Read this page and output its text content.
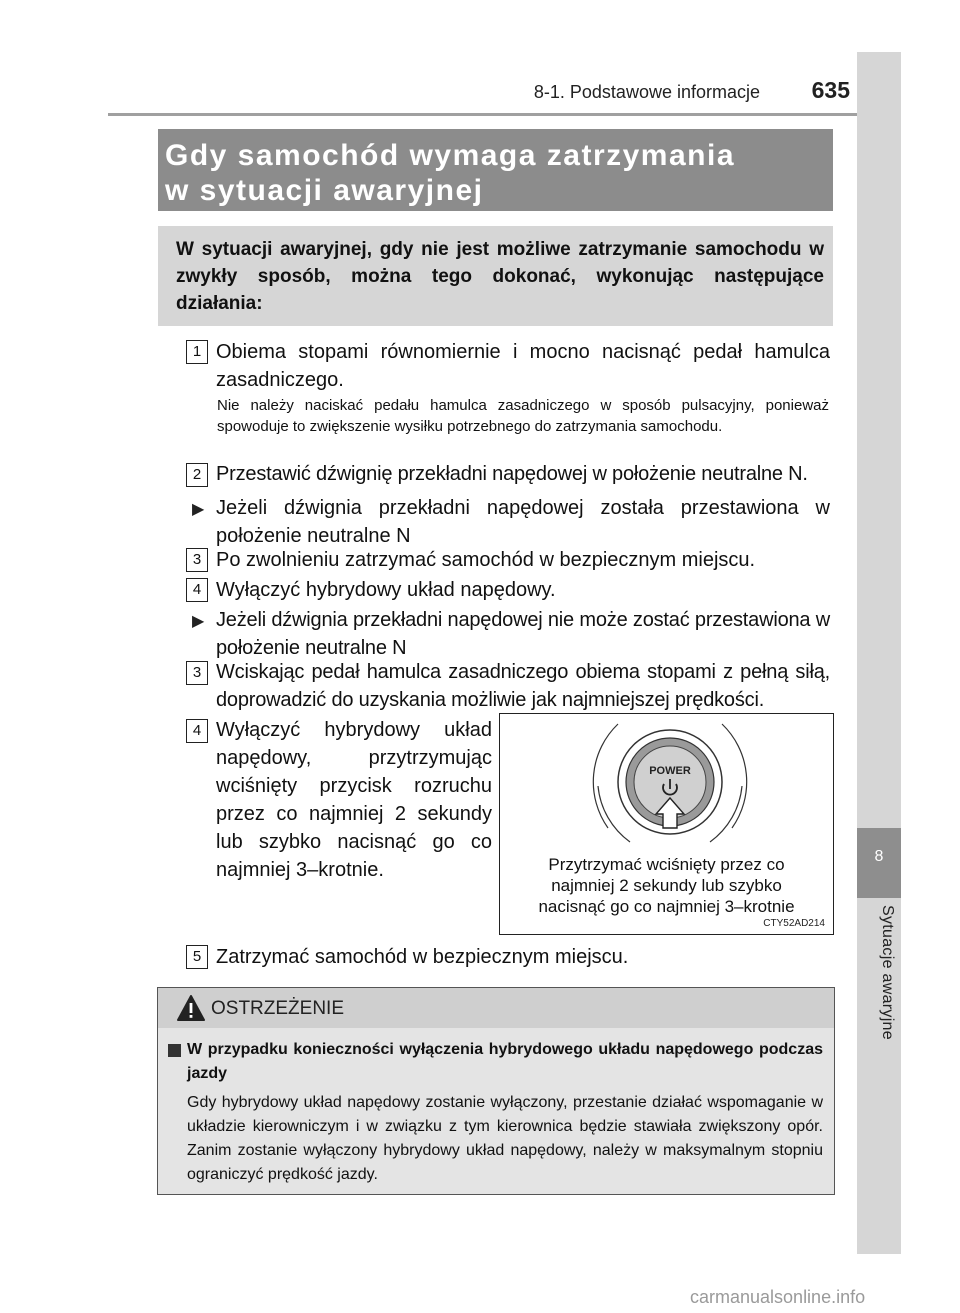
8
Sytuacje awaryjne
8-1. Podstawowe informacje	635
Gdy samochód wymaga zatrzymania
w sytuacji awaryjnej
W sytuacji awaryjnej, gdy nie jest możliwe zatrzymanie samochodu w zwykły sposób, można tego dokonać, wykonując następujące działania:
1 Obiema stopami równomiernie i mocno nacisnąć pedał hamulca zasadniczego.
Nie należy naciskać pedału hamulca zasadniczego w sposób pulsacyjny, ponieważ spowoduje to zwiększenie wysiłku potrzebnego do zatrzymania samochodu.
2 Przestawić dźwignię przekładni napędowej w położenie neutralne N.
▶ Jeżeli dźwignia przekładni napędowej została przestawiona w położenie neutralne N
3 Po zwolnieniu zatrzymać samochód w bezpiecznym miejscu.
4 Wyłączyć hybrydowy układ napędowy.
▶ Jeżeli dźwignia przekładni napędowej nie może zostać przestawiona w położenie neutralne N
3 Wciskając pedał hamulca zasadniczego obiema stopami z pełną siłą, doprowadzić do uzyskania możliwie jak najmniejszej prędkości.
4 Wyłączyć hybrydowy układ napędowy, przytrzymując wciśnięty przycisk rozruchu przez co najmniej 2 sekundy lub szybko nacisnąć go co najmniej 3–krotnie.
POWER
Przytrzymać wciśnięty przez co
najmniej 2 sekundy lub szybko
nacisnąć go co najmniej 3–krotnie
CTY52AD214
5 Zatrzymać samochód w bezpiecznym miejscu.
OSTRZEŻENIE
W przypadku konieczności wyłączenia hybrydowego układu napędowego podczas jazdy
Gdy hybrydowy układ napędowy zostanie wyłączony, przestanie działać wspomaganie w układzie kierowniczym i w związku z tym kierownica będzie stawiała zwiększony opór. Zanim zostanie wyłączony hybrydowy układ napędowy, należy w maksymalnym stopniu ograniczyć prędkość jazdy.
carmanualsonline.info
